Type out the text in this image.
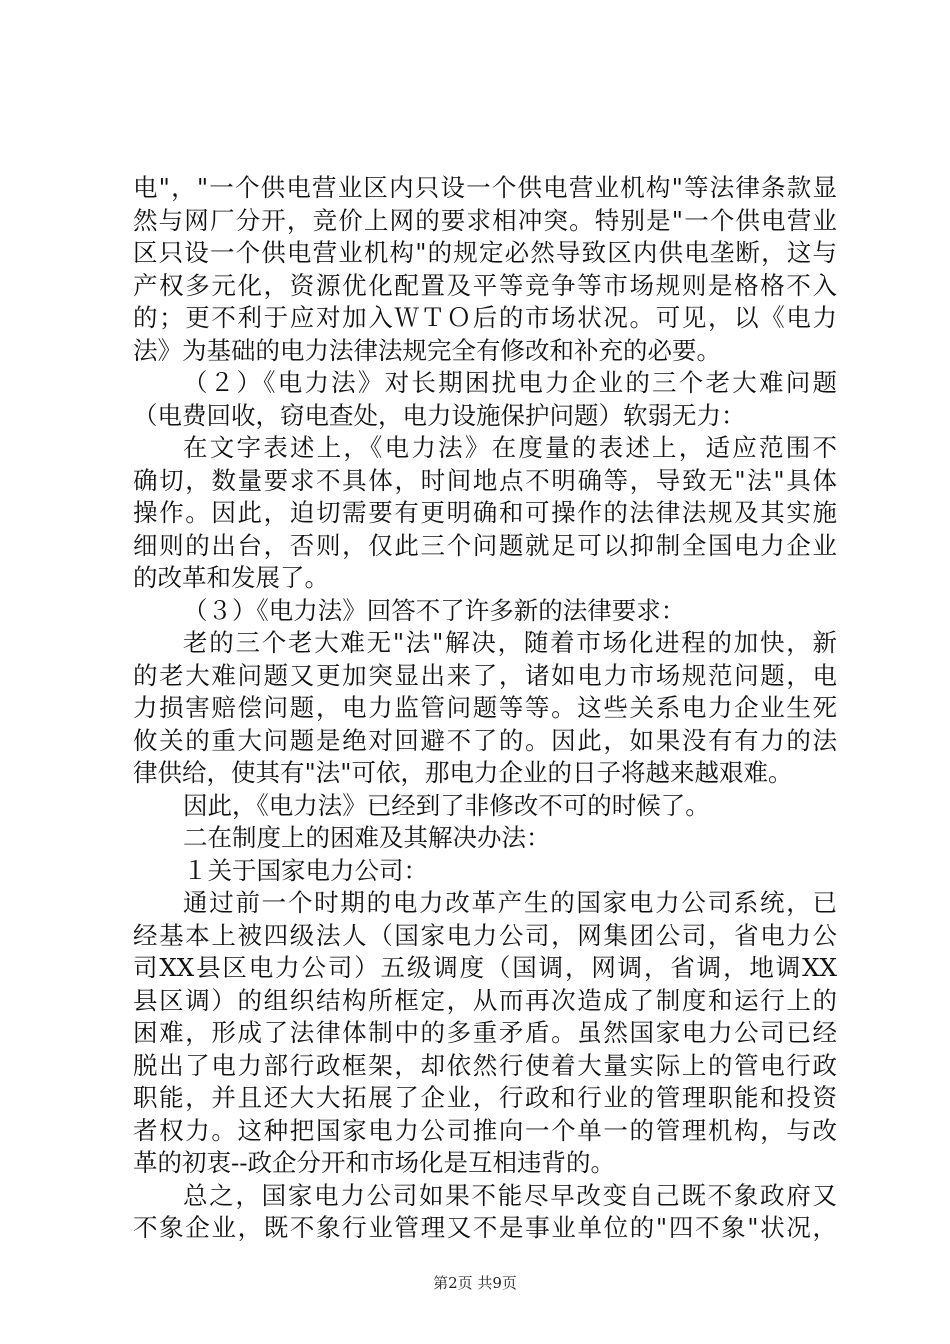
电"，"一个供电营业区内只设一个供电营业机构"等法律条款显
然与网厂分开，竞价上网的要求相冲突。特别是"一个供电营业
区只设一个供电营业机构"的规定必然导致区内供电垄断，这与
产权多元化，资源优化配置及平等竞争等市场规则是格格不入
的；更不利于应对加入ＷＴＯ后的市场状况。可见，以《电力
法》为基础的电力法律法规完全有修改和补充的必要。
（２）《电力法》对长期困扰电力企业的三个老大难问题
（电费回收，窃电查处，电力设施保护问题）软弱无力：
在文字表述上，《电力法》在度量的表述上，适应范围不
确切，数量要求不具体，时间地点不明确等，导致无"法"具体
操作。因此，迫切需要有更明确和可操作的法律法规及其实施
细则的出台，否则，仅此三个问题就足可以抑制全国电力企业
的改革和发展了。
（３）《电力法》回答不了许多新的法律要求：
老的三个老大难无"法"解决，随着市场化进程的加快，新
的老大难问题又更加突显出来了，诸如电力市场规范问题，电
力损害赔偿问题，电力监管问题等等。这些关系电力企业生死
攸关的重大问题是绝对回避不了的。因此，如果没有有力的法
律供给，使其有"法"可依，那电力企业的日子将越来越艰难。
因此，《电力法》已经到了非修改不可的时候了。
二在制度上的困难及其解决办法：
１关于国家电力公司：
通过前一个时期的电力改革产生的国家电力公司系统，已
经基本上被四级法人（国家电力公司，网集团公司，省电力公
司XX县区电力公司）五级调度（国调，网调，省调，地调XX
县区调）的组织结构所框定，从而再次造成了制度和运行上的
困难，形成了法律体制中的多重矛盾。虽然国家电力公司已经
脱出了电力部行政框架，却依然行使着大量实际上的管电行政
职能，并且还大大拓展了企业，行政和行业的管理职能和投资
者权力。这种把国家电力公司推向一个单一的管理机构，与改
革的初衷--政企分开和市场化是互相违背的。
总之，国家电力公司如果不能尽早改变自己既不象政府又
不象企业，既不象行业管理又不是事业单位的"四不象"状况，
第2页 共9页
